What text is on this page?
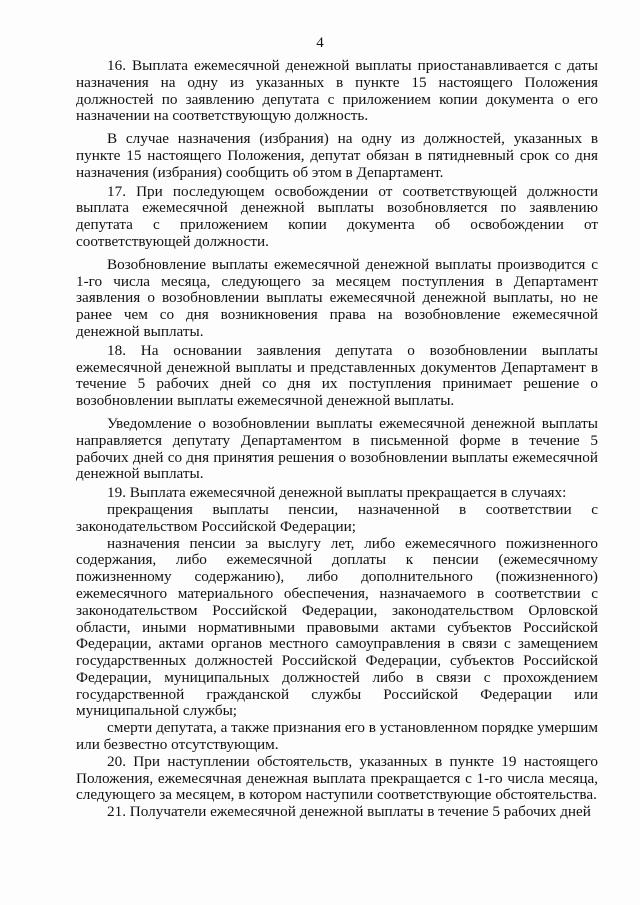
4

16. Выплата ежемесячной денежной выплаты приостанавливается с даты назначения на одну из указанных в пункте 15 настоящего Положения должностей по заявлению депутата с приложением копии документа о его назначении на соответствующую должность.

В случае назначения (избрания) на одну из должностей, указанных в пункте 15 настоящего Положения, депутат обязан в пятидневный срок со дня назначения (избрания) сообщить об этом в Департамент.

17. При последующем освобождении от соответствующей должности выплата ежемесячной денежной выплаты возобновляется по заявлению депутата с приложением копии документа об освобождении от соответствующей должности.

Возобновление выплаты ежемесячной денежной выплаты производится с 1-го числа месяца, следующего за месяцем поступления в Департамент заявления о возобновлении выплаты ежемесячной денежной выплаты, но не ранее чем со дня возникновения права на возобновление ежемесячной денежной выплаты.

18. На основании заявления депутата о возобновлении выплаты ежемесячной денежной выплаты и представленных документов Департамент в течение 5 рабочих дней со дня их поступления принимает решение о возобновлении выплаты ежемесячной денежной выплаты.

Уведомление о возобновлении выплаты ежемесячной денежной выплаты направляется депутату Департаментом в письменной форме в течение 5 рабочих дней со дня принятия решения о возобновлении выплаты ежемесячной денежной выплаты.

19. Выплата ежемесячной денежной выплаты прекращается в случаях:

прекращения выплаты пенсии, назначенной в соответствии с законодательством Российской Федерации;

назначения пенсии за выслугу лет, либо ежемесячного пожизненного содержания, либо ежемесячной доплаты к пенсии (ежемесячному пожизненному содержанию), либо дополнительного (пожизненного) ежемесячного материального обеспечения, назначаемого в соответствии с законодательством Российской Федерации, законодательством Орловской области, иными нормативными правовыми актами субъектов Российской Федерации, актами органов местного самоуправления в связи с замещением государственных должностей Российской Федерации, субъектов Российской Федерации, муниципальных должностей либо в связи с прохождением государственной гражданской службы Российской Федерации или муниципальной службы;

смерти депутата, а также признания его в установленном порядке умершим или безвестно отсутствующим.

20. При наступлении обстоятельств, указанных в пункте 19 настоящего Положения, ежемесячная денежная выплата прекращается с 1-го числа месяца, следующего за месяцем, в котором наступили соответствующие обстоятельства.

21. Получатели ежемесячной денежной выплаты в течение 5 рабочих дней
